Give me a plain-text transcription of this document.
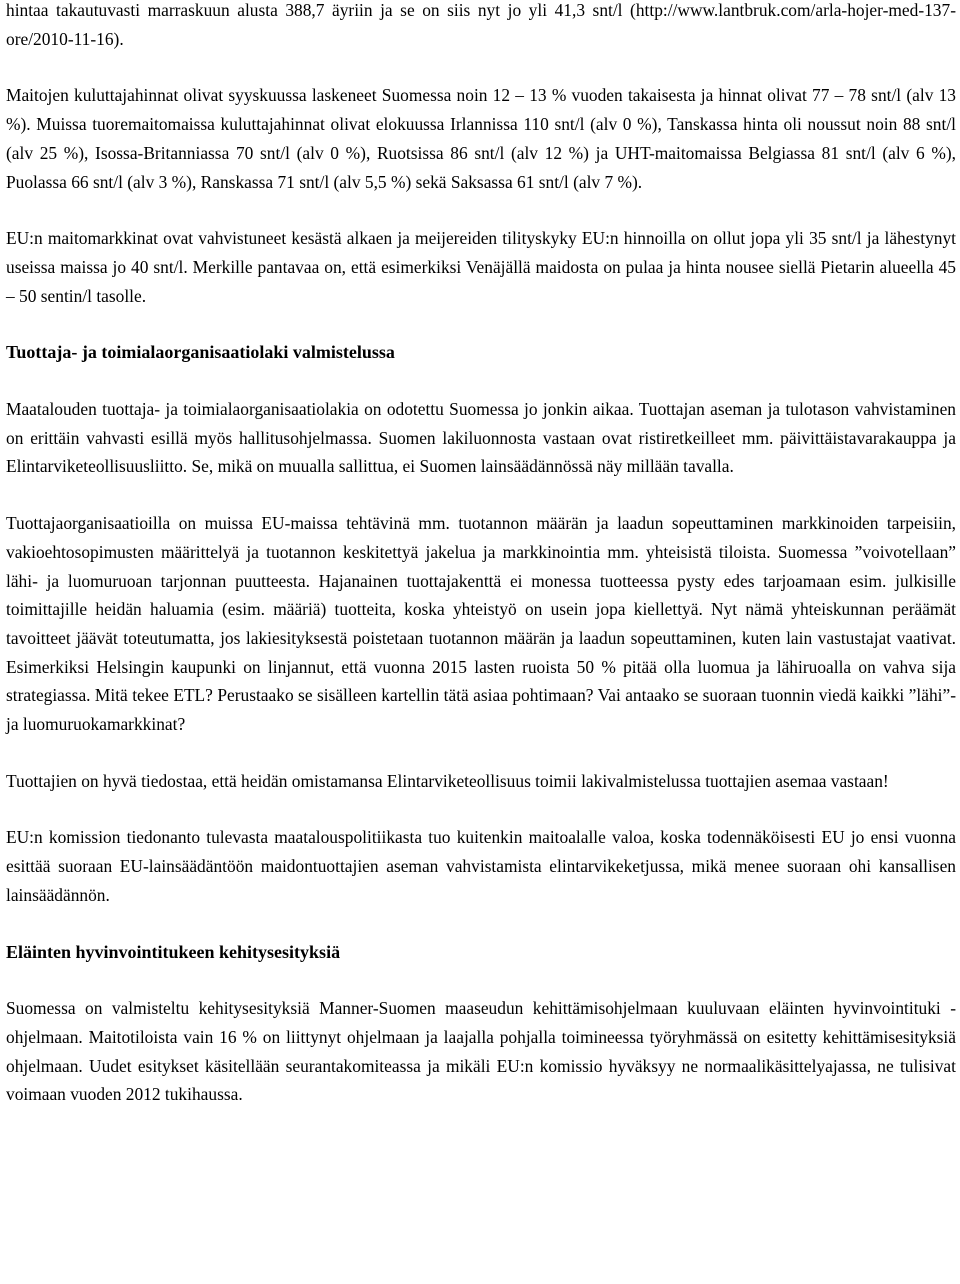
hintaa takautuvasti marraskuun alusta 388,7 äyriin ja se on siis nyt jo yli 41,3 snt/l (http://www.lantbruk.com/arla-hojer-med-137-ore/2010-11-16).

Maitojen kuluttajahinnat olivat syyskuussa laskeneet Suomessa noin 12 – 13 % vuoden takaisesta ja hinnat olivat 77 – 78 snt/l (alv 13 %). Muissa tuoremaitomaissa kuluttajahinnat olivat elokuussa Irlannissa 110 snt/l (alv 0 %), Tanskassa hinta oli noussut noin 88 snt/l (alv 25 %), Isossa-Britanniassa 70 snt/l (alv 0 %), Ruotsissa 86 snt/l (alv 12 %) ja UHT-maitomaissa Belgiassa 81 snt/l (alv 6 %), Puolassa 66 snt/l (alv 3 %), Ranskassa 71 snt/l (alv 5,5 %) sekä Saksassa 61 snt/l (alv 7 %).

EU:n maitomarkkinat ovat vahvistuneet kesästä alkaen ja meijereiden tilityskyky EU:n hinnoilla on ollut jopa yli 35 snt/l ja lähestynyt useissa maissa jo 40 snt/l. Merkille pantavaa on, että esimerkiksi Venäjällä maidosta on pulaa ja hinta nousee siellä Pietarin alueella 45 – 50 sentin/l tasolle.

Tuottaja- ja toimialaorganisaatiolaki valmistelussa

Maatalouden tuottaja- ja toimialaorganisaatiolakia on odotettu Suomessa jo jonkin aikaa. Tuottajan aseman ja tulotason vahvistaminen on erittäin vahvasti esillä myös hallitusohjelmassa. Suomen lakiluonnosta vastaan ovat ristiretkeilleet mm. päivittäistavarakauppa ja Elintarviketeollisuusliitto. Se, mikä on muualla sallittua, ei Suomen lainsäädännössä näy millään tavalla.

Tuottajaorganisaatioilla on muissa EU-maissa tehtävinä mm. tuotannon määrän ja laadun sopeuttaminen markkinoiden tarpeisiin, vakioehtosopimusten määrittelyä ja tuotannon keskitettyä jakelua ja markkinointia mm. yhteisistä tiloista. Suomessa ”voivotellaan” lähi- ja luomuruoan tarjonnan puutteesta. Hajanainen tuottajakenttä ei monessa tuotteessa pysty edes tarjoamaan esim. julkisille toimittajille heidän haluamia (esim. määriä) tuotteita, koska yhteistyö on usein jopa kiellettyä. Nyt nämä yhteiskunnan peräämät tavoitteet jäävät toteutumatta, jos lakiesityksestä poistetaan tuotannon määrän ja laadun sopeuttaminen, kuten lain vastustajat vaativat. Esimerkiksi Helsingin kaupunki on linjannut, että vuonna 2015 lasten ruoista 50 % pitää olla luomua ja lähiruoalla on vahva sija strategiassa. Mitä tekee ETL? Perustaako se sisälleen kartellin tätä asiaa pohtimaan? Vai antaako se suoraan tuonnin viedä kaikki ”lähi”- ja luomuruokamarkkinat?

Tuottajien on hyvä tiedostaa, että heidän omistamansa Elintarviketeollisuus toimii lakivalmistelussa tuottajien asemaa vastaan!

EU:n komission tiedonanto tulevasta maatalouspolitiikasta tuo kuitenkin maitoalalle valoa, koska todennäköisesti EU jo ensi vuonna esittää suoraan EU-lainsäädäntöön maidontuottajien aseman vahvistamista elintarvikeketjussa, mikä menee suoraan ohi kansallisen lainsäädännön.

Eläinten hyvinvointitukeen kehitysesityksiä

Suomessa on valmisteltu kehitysesityksiä Manner-Suomen maaseudun kehittämisohjelmaan kuuluvaan eläinten hyvinvointituki -ohjelmaan. Maitotiloista vain 16 % on liittynyt ohjelmaan ja laajalla pohjalla toimineessa työryhmässä on esitetty kehittämisesityksiä ohjelmaan. Uudet esitykset käsitellään seurantakomiteassa ja mikäli EU:n komissio hyväksyy ne normaalikäsittelyajassa, ne tulisivat voimaan vuoden 2012 tukihaussa.
